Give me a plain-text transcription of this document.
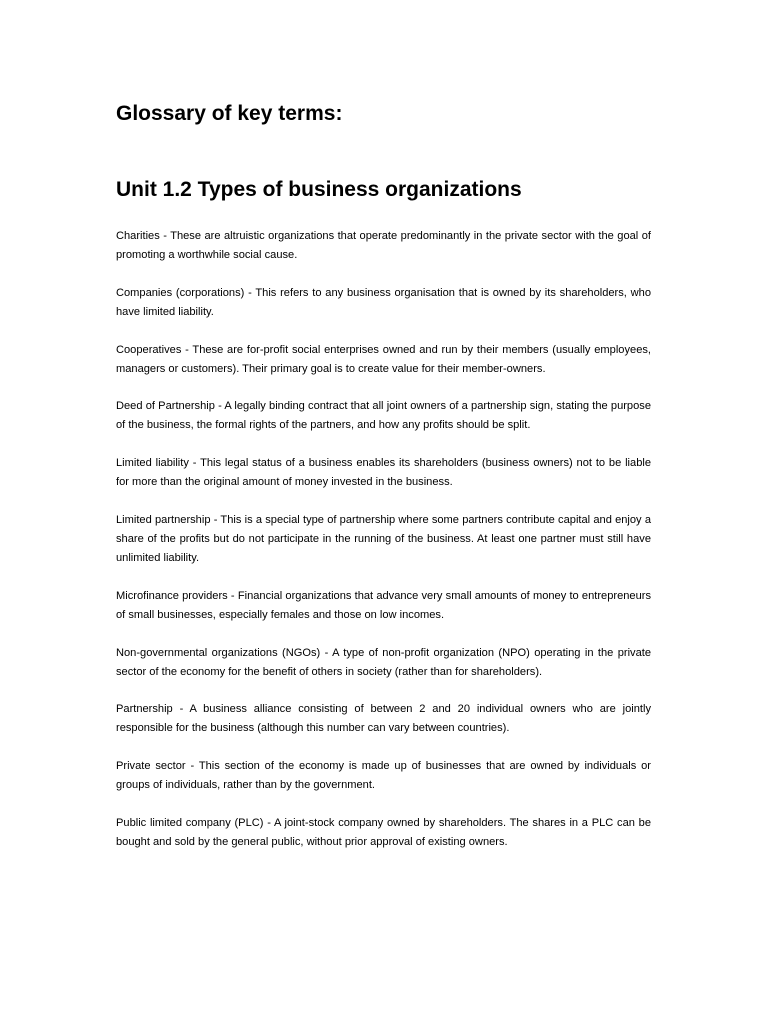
Glossary of key terms:
Unit 1.2 Types of business organizations

Charities - These are altruistic organizations that operate predominantly in the private sector with the goal of promoting a worthwhile social cause.

Companies (corporations) - This refers to any business organisation that is owned by its shareholders, who have limited liability.

Cooperatives - These are for-profit social enterprises owned and run by their members (usually employees, managers or customers). Their primary goal is to create value for their member-owners.

Deed of Partnership - A legally binding contract that all joint owners of a partnership sign, stating the purpose of the business, the formal rights of the partners, and how any profits should be split.

Limited liability - This legal status of a business enables its shareholders (business owners) not to be liable for more than the original amount of money invested in the business.

Limited partnership - This is a special type of partnership where some partners contribute capital and enjoy a share of the profits but do not participate in the running of the business. At least one partner must still have unlimited liability.

Microfinance providers - Financial organizations that advance very small amounts of money to entrepreneurs of small businesses, especially females and those on low incomes.

Non-governmental organizations (NGOs) - A type of non-profit organization (NPO) operating in the private sector of the economy for the benefit of others in society (rather than for shareholders).

Partnership - A business alliance consisting of between 2 and 20 individual owners who are jointly responsible for the business (although this number can vary between countries).

Private sector - This section of the economy is made up of businesses that are owned by individuals or groups of individuals, rather than by the government.

Public limited company (PLC) - A joint-stock company owned by shareholders. The shares in a PLC can be bought and sold by the general public, without prior approval of existing owners.
